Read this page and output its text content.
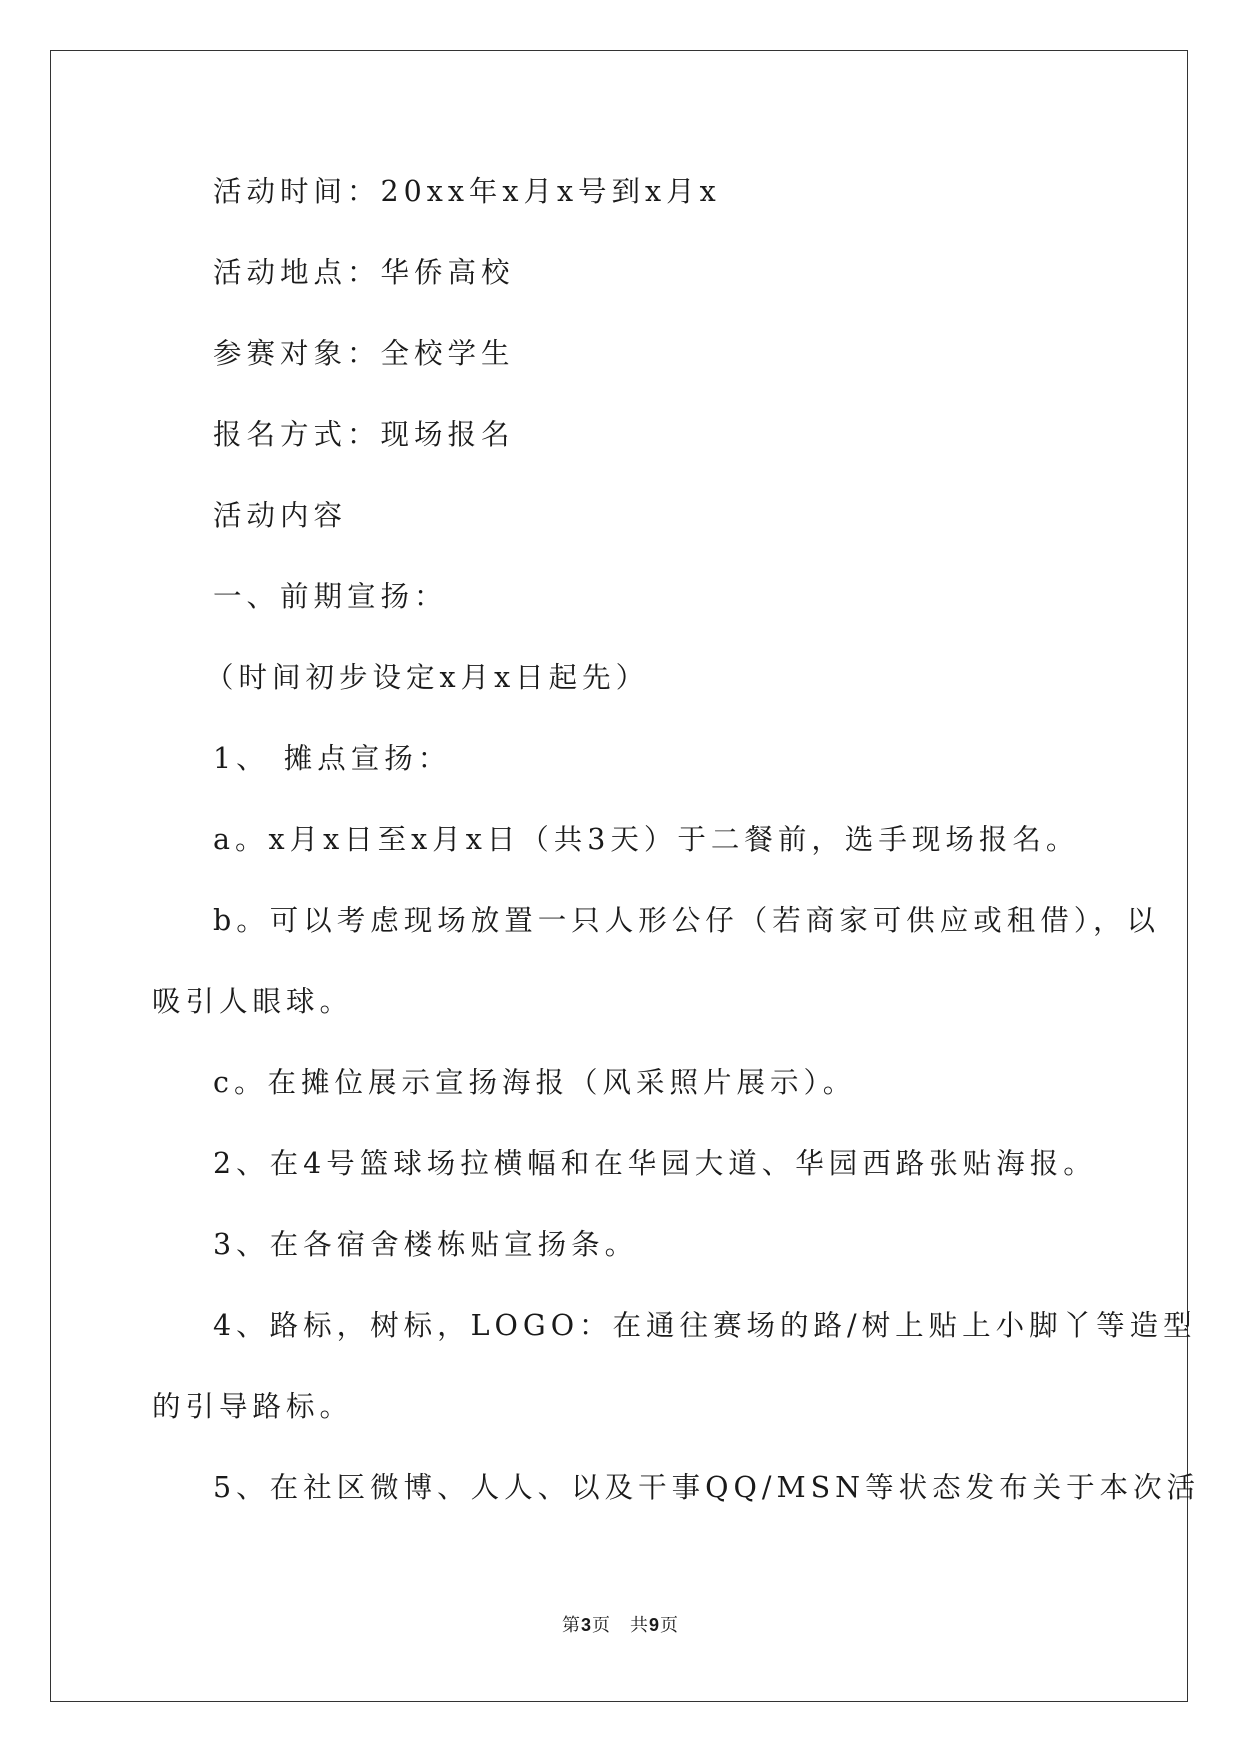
活动时间：20xx年x月x号到x月x
活动地点：华侨高校
参赛对象：全校学生
报名方式：现场报名
活动内容
一、前期宣扬：
（时间初步设定x月x日起先）
1、 摊点宣扬：
a。x月x日至x月x日（共3天）于二餐前，选手现场报名。
b。可以考虑现场放置一只人形公仔（若商家可供应或租借），以
吸引人眼球。
c。在摊位展示宣扬海报（风采照片展示）。
2、在4号篮球场拉横幅和在华园大道、华园西路张贴海报。
3、在各宿舍楼栋贴宣扬条。
4、路标，树标，LOGO：在通往赛场的路/树上贴上小脚丫等造型
的引导路标。
5、在社区微博、人人、以及干事QQ/MSN等状态发布关于本次活
第3页　共9页
